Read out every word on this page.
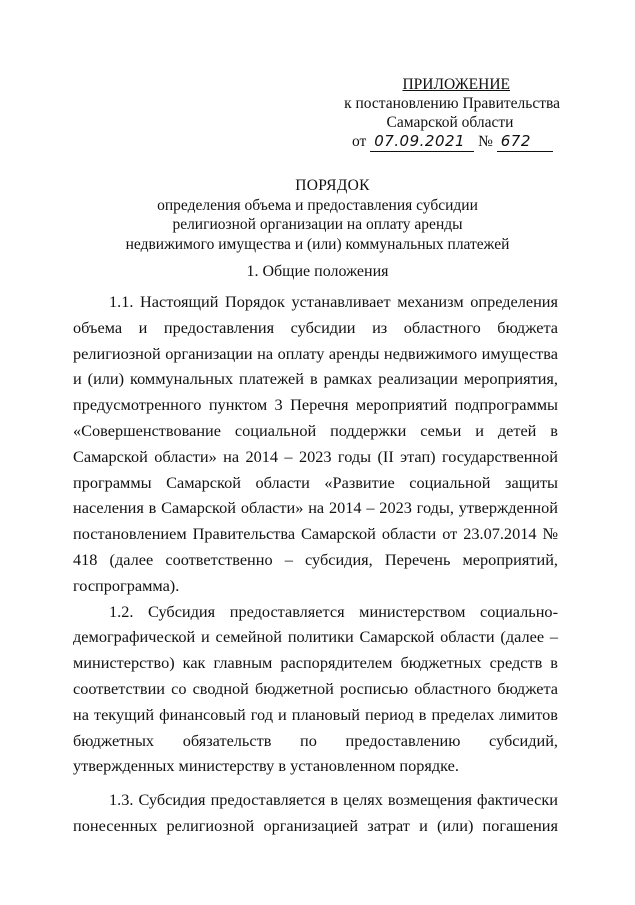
ПРИЛОЖЕНИЕ
к постановлению Правительства
Самарской области
от 07.09.2021 № 672
ПОРЯДОК
определения объема и предоставления субсидии
религиозной организации на оплату аренды
недвижимого имущества и (или) коммунальных платежей
1. Общие положения

1.1. Настоящий Порядок устанавливает механизм определения объема и предоставления субсидии из областного бюджета религиозной организации на оплату аренды недвижимого имущества и (или) коммунальных платежей в рамках реализации мероприятия, предусмотренного пунктом 3 Перечня мероприятий подпрограммы «Совершенствование социальной поддержки семьи и детей в Самарской области» на 2014 – 2023 годы (II этап) государственной программы Самарской области «Развитие социальной защиты населения в Самарской области» на 2014 – 2023 годы, утвержденной постановлением Правительства Самарской области от 23.07.2014 № 418 (далее соответственно – субсидия, Перечень мероприятий, госпрограмма).

1.2. Субсидия предоставляется министерством социально-демографической и семейной политики Самарской области (далее – министерство) как главным распорядителем бюджетных средств в соответствии со сводной бюджетной росписью областного бюджета на текущий финансовый год и плановый период в пределах лимитов бюджетных обязательств по предоставлению субсидий, утвержденных министерству в установленном порядке.

1.3. Субсидия предоставляется в целях возмещения фактически понесенных религиозной организацией затрат и (или) погашения
